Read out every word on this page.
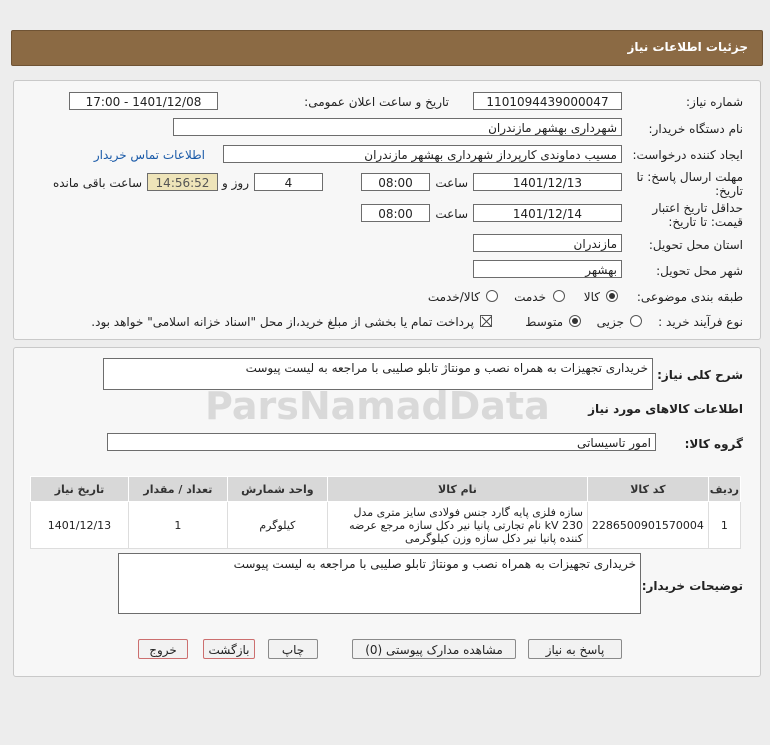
جزئیات اطلاعات نیاز
شماره نیاز:
1101094439000047
تاریخ و ساعت اعلان عمومی:
1401/12/08 - 17:00
نام دستگاه خریدار:
شهرداری بهشهر مازندران
ایجاد کننده درخواست:
مسیب دماوندی کارپرداز شهرداری بهشهر مازندران
اطلاعات تماس خریدار
مهلت ارسال پاسخ: تا
تاریخ:
1401/12/13
ساعت
08:00
4
روز و
14:56:52
ساعت باقی مانده
حداقل تاریخ اعتبار
قیمت: تا تاریخ:
1401/12/14
ساعت
08:00
استان محل تحویل:
مازندران
شهر محل تحویل:
بهشهر
طبقه بندی موضوعی:
کالا
خدمت
کالا/خدمت
نوع فرآیند خرید :
جزیی
متوسط
پرداخت تمام یا بخشی از مبلغ خرید،از محل "اسناد خزانه اسلامی" خواهد بود.
شرح کلی نیاز:
خریداری تجهیزات به همراه نصب و مونتاژ تابلو صلیبی با مراجعه به لیست پیوست
اطلاعات کالاهای مورد نیاز
گروه کالا:
امور تاسیساتی
ردیف	کد کالا	نام کالا	واحد شمارش	تعداد / مقدار	تاریخ نیاز
1	2286500901570004	سازه فلزی پایه گارد جنس فولادی سایز متری مدل 230 kV نام تجارتی پانیا نیر دکل سازه مرجع عرضه کننده پانیا نیر دکل سازه وزن کیلوگرمی	کیلوگرم	1	1401/12/13
توضیحات خریدار:
خریداری تجهیزات به همراه نصب و مونتاژ تابلو صلیبی با مراجعه به لیست پیوست
ParsNamadData
پاسخ به نیاز
مشاهده مدارک پیوستی (0)
چاپ
بازگشت
خروج
